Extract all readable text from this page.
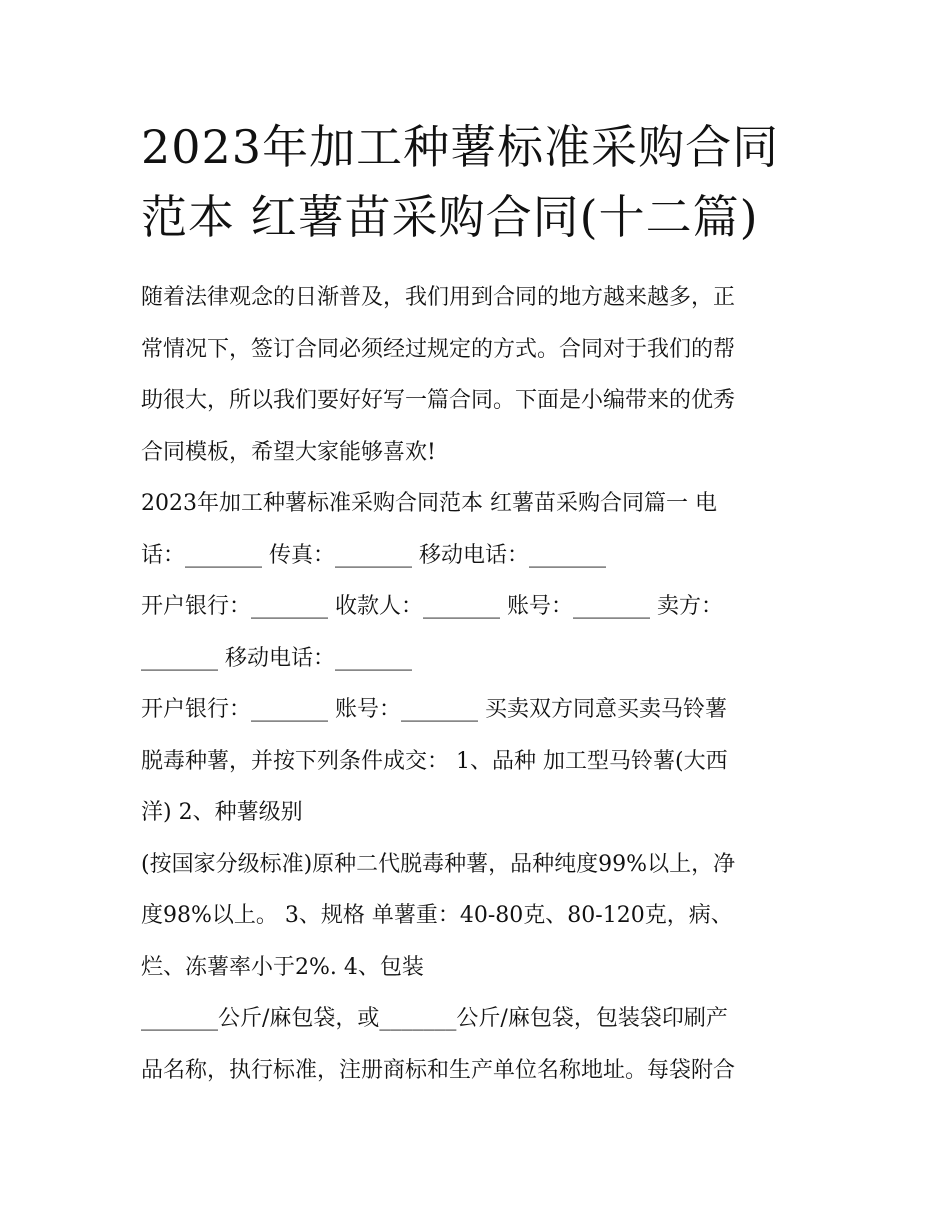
2023年加工种薯标准采购合同
范本 红薯苗采购合同(十二篇)
随着法律观念的日渐普及，我们用到合同的地方越来越多，正
常情况下，签订合同必须经过规定的方式。合同对于我们的帮
助很大，所以我们要好好写一篇合同。下面是小编带来的优秀
合同模板，希望大家能够喜欢!
2023年加工种薯标准采购合同范本 红薯苗采购合同篇一 电
话：_______ 传真：_______ 移动电话：_______
开户银行：_______ 收款人：_______ 账号：_______ 卖方：
_______ 移动电话：_______
开户银行：_______ 账号：_______ 买卖双方同意买卖马铃薯
脱毒种薯，并按下列条件成交： 1、品种 加工型马铃薯(大西
洋) 2、种薯级别
(按国家分级标准)原种二代脱毒种薯，品种纯度99%以上，净
度98%以上。 3、规格 单薯重：40-80克、80-120克，病、
烂、冻薯率小于2%. 4、包装
_______公斤/麻包袋，或_______公斤/麻包袋，包装袋印刷产
品名称，执行标准，注册商标和生产单位名称地址。每袋附合
